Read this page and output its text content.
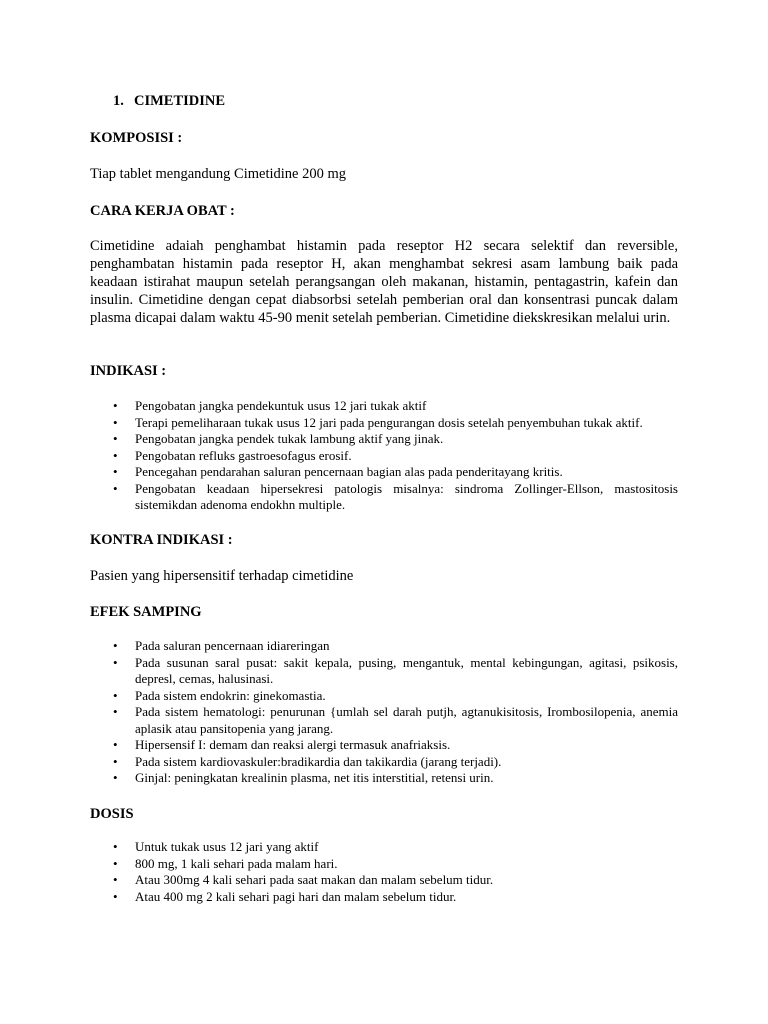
1. CIMETIDINE
KOMPOSISI :

Tiap tablet mengandung Cimetidine 200 mg

CARA KERJA OBAT :

Cimetidine adaiah penghambat histamin pada reseptor H2 secara selektif dan reversible, penghambatan histamin pada reseptor H, akan menghambat sekresi asam lambung baik pada keadaan istirahat maupun setelah perangsangan oleh makanan, histamin, pentagastrin, kafein dan insulin. Cimetidine dengan cepat diabsorbsi setelah pemberian oral dan konsentrasi puncak dalam plasma dicapai dalam waktu 45-90 menit setelah pemberian. Cimetidine diekskresikan melalui urin.

INDIKASI :
• Pengobatan jangka pendekuntuk usus 12 jari tukak aktif
• Terapi pemeliharaan tukak usus 12 jari pada pengurangan dosis setelah penyembuhan tukak aktif.
• Pengobatan jangka pendek tukak lambung aktif yang jinak.
• Pengobatan refluks gastroesofagus erosif.
• Pencegahan pendarahan saluran pencernaan bagian alas pada penderitayang kritis.
• Pengobatan keadaan hipersekresi patologis misalnya: sindroma Zollinger-Ellson, mastositosis sistemikdan adenoma endokhn multiple.
KONTRA INDIKASI :

Pasien yang hipersensitif terhadap cimetidine

EFEK SAMPING
• Pada saluran pencernaan idiareringan
• Pada susunan saral pusat: sakit kepala, pusing, mengantuk, mental kebingungan, agitasi, psikosis, depresl, cemas, halusinasi.
• Pada sistem endokrin: ginekomastia.
• Pada sistem hematologi: penurunan {umlah sel darah putjh, agtanukisitosis, Irombosilopenia, anemia aplasik atau pansitopenia yang jarang.
• Hipersensif I: demam dan reaksi alergi termasuk anafriaksis.
• Pada sistem kardiovaskuler:bradikardia dan takikardia (jarang terjadi).
• Ginjal: peningkatan krealinin plasma, net itis interstitial, retensi urin.
DOSIS
• Untuk tukak usus 12 jari yang aktif
• 800 mg, 1 kali sehari pada malam hari.
• Atau 300mg 4 kali sehari pada saat makan dan malam sebelum tidur.
• Atau 400 mg 2 kali sehari pagi hari dan malam sebelum tidur.
